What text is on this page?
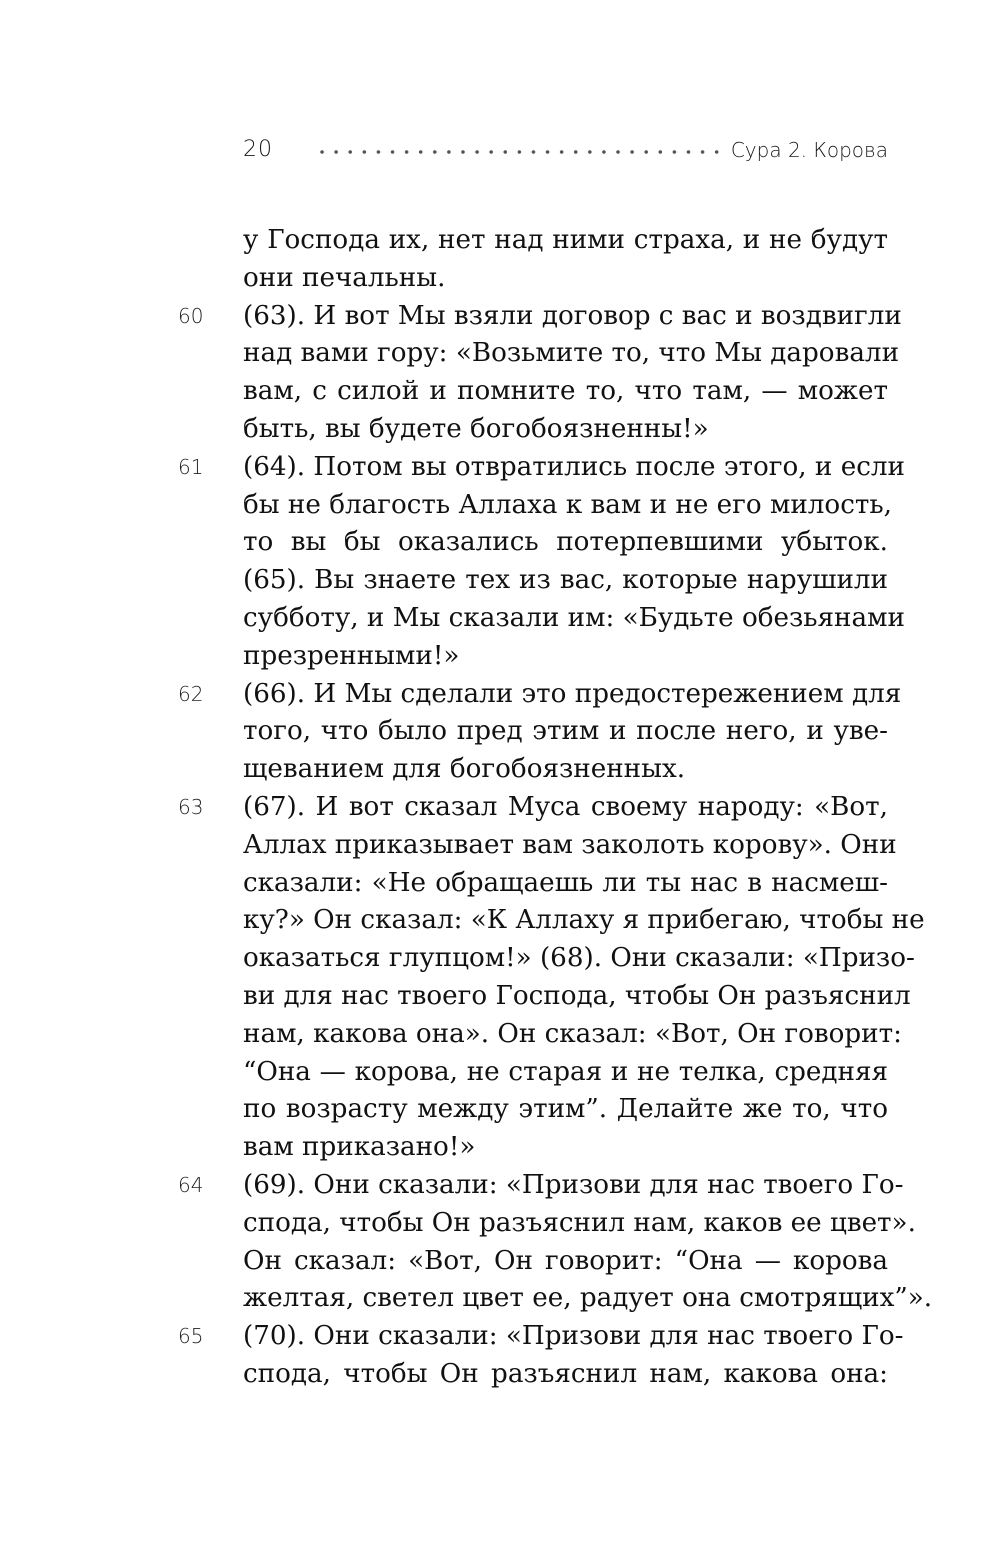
20	Сура 2. Корова
у Господа их, нет над ними страха, и не будут
они печальны.
60	(63). И вот Мы взяли договор с вас и воздвигли
над вами гору: «Возьмите то, что Мы даровали
вам, с силой и помните то, что там, — может
быть, вы будете богобоязненны!»
61	(64). Потом вы отвратились после этого, и если
бы не благость Аллаха к вам и не его милость,
то вы бы оказались потерпевшими убыток.
(65). Вы знаете тех из вас, которые нарушили
субботу, и Мы сказали им: «Будьте обезьянами
презренными!»
62	(66). И Мы сделали это предостережением для
того, что было пред этим и после него, и уве-
щеванием для богобоязненных.
63	(67). И вот сказал Муса своему народу: «Вот,
Аллах приказывает вам заколоть корову». Они
сказали: «Не обращаешь ли ты нас в насмеш-
ку?» Он сказал: «К Аллаху я прибегаю, чтобы не
оказаться глупцом!» (68). Они сказали: «Призо-
ви для нас твоего Господа, чтобы Он разъяснил
нам, какова она». Он сказал: «Вот, Он говорит:
“Она — корова, не старая и не телка, средняя
по возрасту между этим”. Делайте же то, что
вам приказано!»
64	(69). Они сказали: «Призови для нас твоего Го-
спода, чтобы Он разъяснил нам, каков ее цвет».
Он сказал: «Вот, Он говорит: “Она — корова
желтая, светел цвет ее, радует она смотрящих”».
65	(70). Они сказали: «Призови для нас твоего Го-
спода, чтобы Он разъяснил нам, какова она:
